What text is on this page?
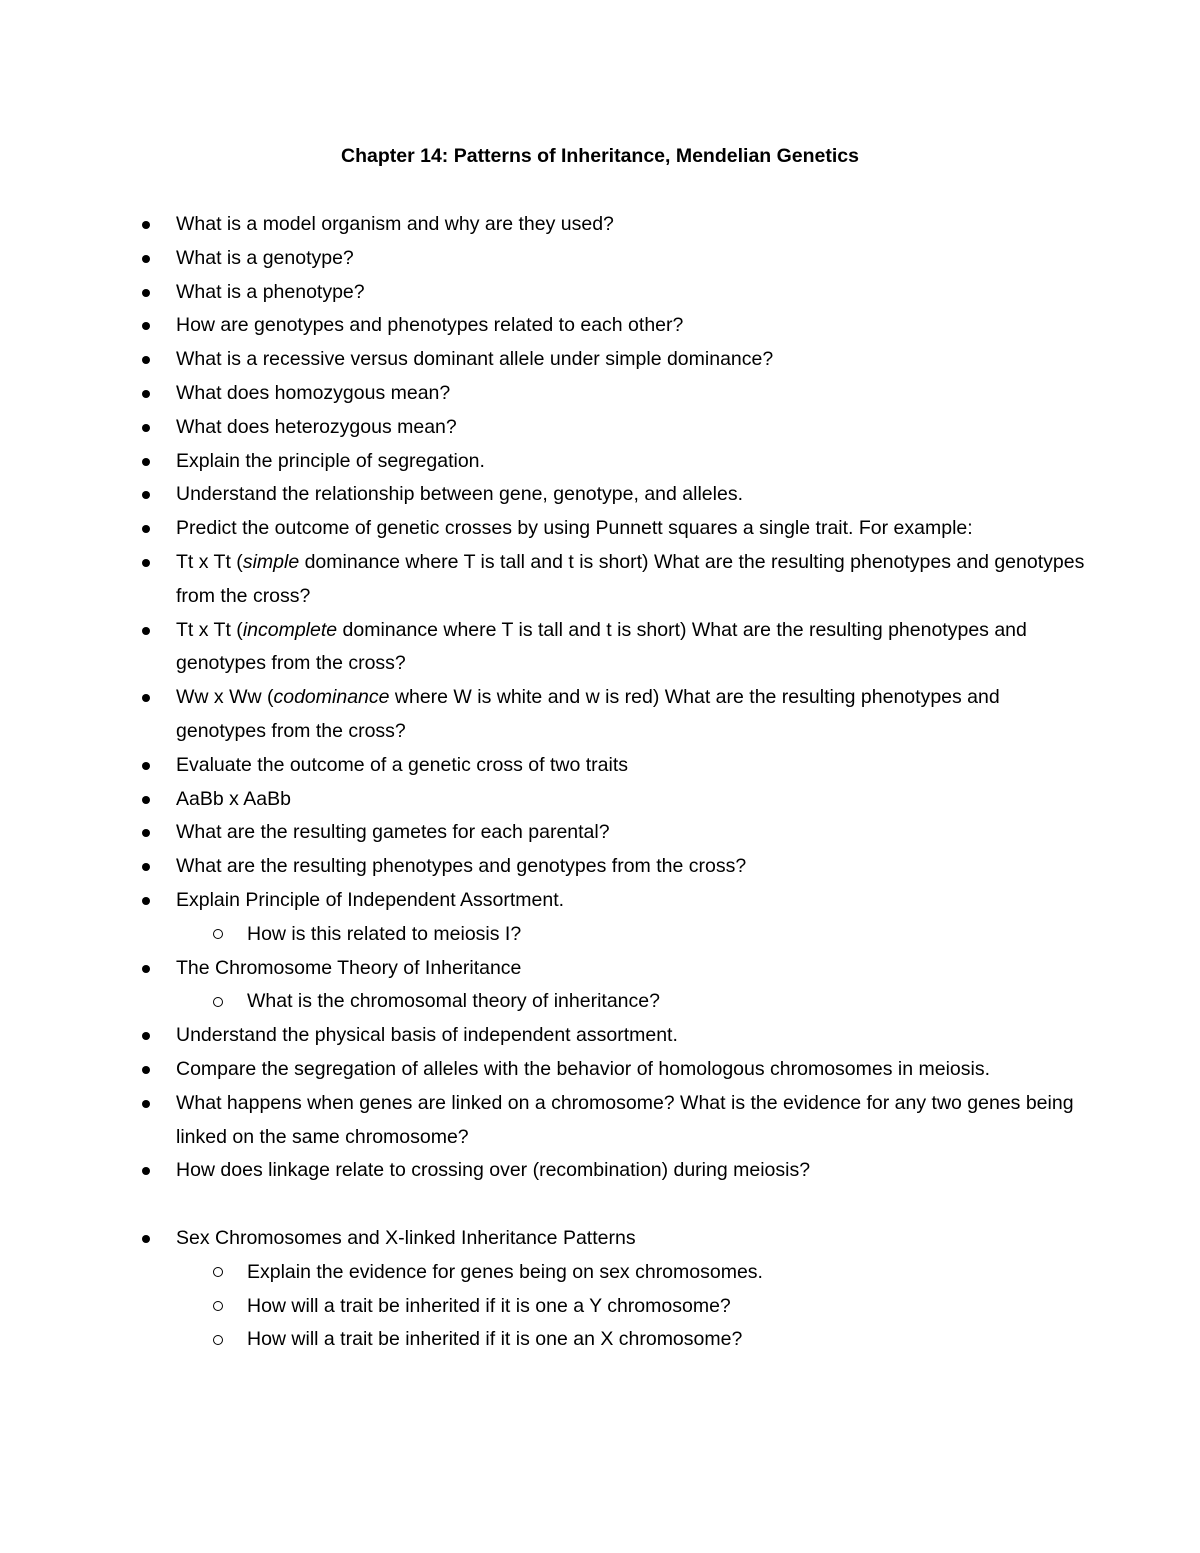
Chapter 14: Patterns of Inheritance, Mendelian Genetics
What is a model organism and why are they used?
What is a genotype?
What is a phenotype?
How are genotypes and phenotypes related to each other?
What is a recessive versus dominant allele under simple dominance?
What does homozygous mean?
What does heterozygous mean?
Explain the principle of segregation.
Understand the relationship between gene, genotype, and alleles.
Predict the outcome of genetic crosses by using Punnett squares a single trait. For example:
Tt x Tt (simple dominance where T is tall and t is short) What are the resulting phenotypes and genotypes from the cross?
Tt x Tt (incomplete dominance where T is tall and t is short) What are the resulting phenotypes and genotypes from the cross?
Ww x Ww (codominance where W is white and w is red) What are the resulting phenotypes and genotypes from the cross?
Evaluate the outcome of a genetic cross of two traits
AaBb x AaBb
What are the resulting gametes for each parental?
What are the resulting phenotypes and genotypes from the cross?
Explain Principle of Independent Assortment.
How is this related to meiosis I?
The Chromosome Theory of Inheritance
What is the chromosomal theory of inheritance?
Understand the physical basis of independent assortment.
Compare the segregation of alleles with the behavior of homologous chromosomes in meiosis.
What happens when genes are linked on a chromosome? What is the evidence for any two genes being linked on the same chromosome?
How does linkage relate to crossing over (recombination) during meiosis?
Sex Chromosomes and X-linked Inheritance Patterns
Explain the evidence for genes being on sex chromosomes.
How will a trait be inherited if it is one a Y chromosome?
How will a trait be inherited if it is one an X chromosome?
